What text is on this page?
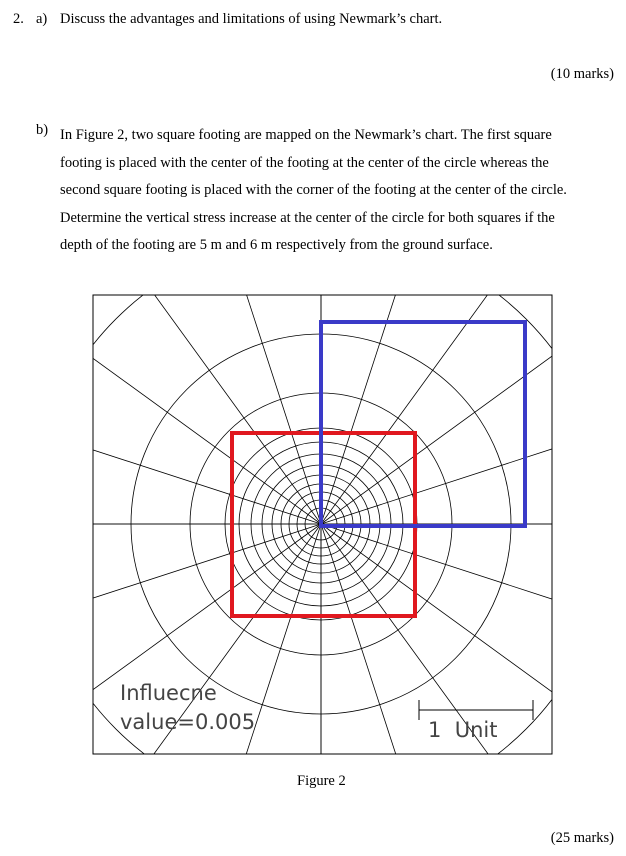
2. a) Discuss the advantages and limitations of using Newmark’s chart.
(10 marks)
b) In Figure 2, two square footing are mapped on the Newmark’s chart. The first square
footing is placed with the center of the footing at the center of the circle whereas the
second square footing is placed with the corner of the footing at the center of the circle.
Determine the vertical stress increase at the center of the circle for both squares if the
depth of the footing are 5 m and 6 m respectively from the ground surface.
Influecne
value=0.005	1  Unit
Figure 2
(25 marks)
